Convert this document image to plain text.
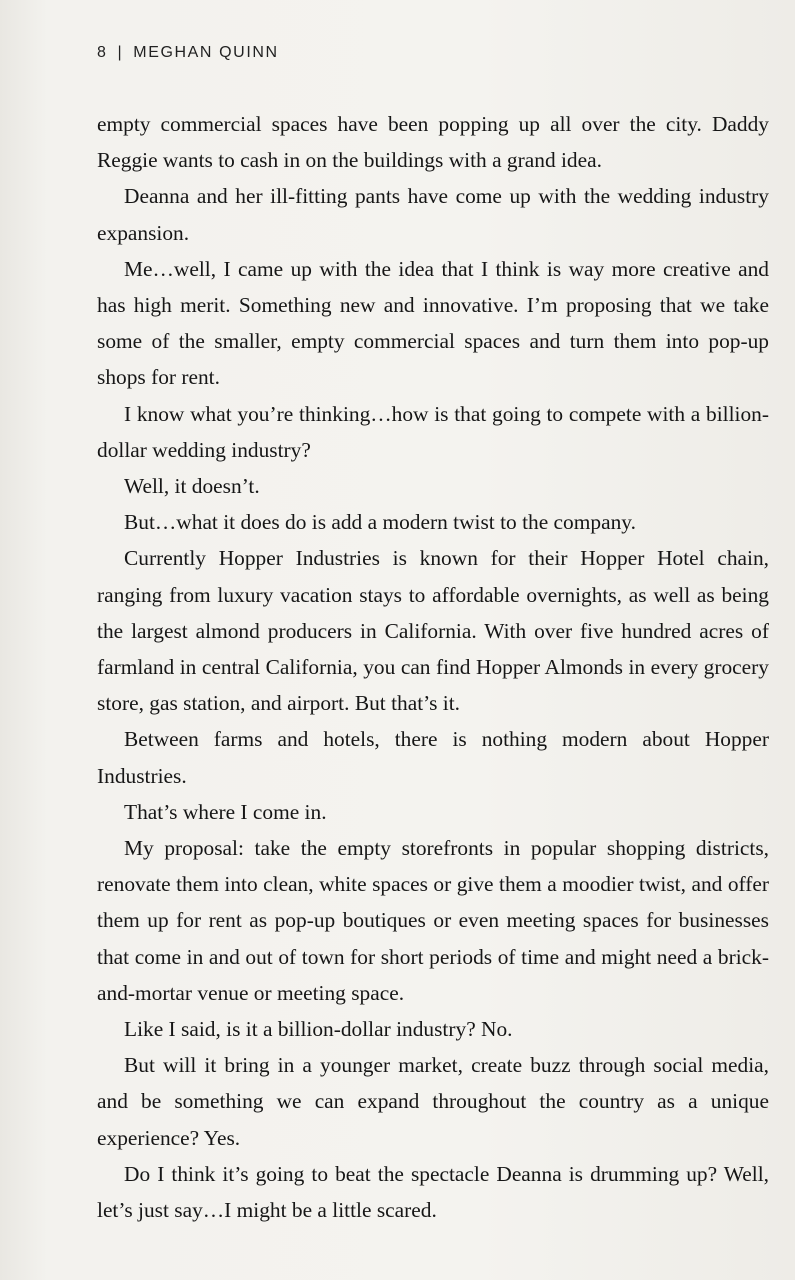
8 | MEGHAN QUINN

empty commercial spaces have been popping up all over the city. Daddy Reggie wants to cash in on the buildings with a grand idea.

Deanna and her ill-fitting pants have come up with the wedding industry expansion.

Me…well, I came up with the idea that I think is way more creative and has high merit. Something new and innovative. I’m proposing that we take some of the smaller, empty commercial spaces and turn them into pop-up shops for rent.

I know what you’re thinking…how is that going to compete with a billion-dollar wedding industry?

Well, it doesn’t.

But…what it does do is add a modern twist to the company.

Currently Hopper Industries is known for their Hopper Hotel chain, ranging from luxury vacation stays to affordable overnights, as well as being the largest almond producers in California. With over five hundred acres of farmland in central California, you can find Hopper Almonds in every grocery store, gas station, and airport. But that’s it.

Between farms and hotels, there is nothing modern about Hopper Industries.

That’s where I come in.

My proposal: take the empty storefronts in popular shopping districts, renovate them into clean, white spaces or give them a moodier twist, and offer them up for rent as pop-up boutiques or even meeting spaces for businesses that come in and out of town for short periods of time and might need a brick-and-mortar venue or meeting space.

Like I said, is it a billion-dollar industry? No.

But will it bring in a younger market, create buzz through social media, and be something we can expand throughout the country as a unique experience? Yes.

Do I think it’s going to beat the spectacle Deanna is drumming up? Well, let’s just say…I might be a little scared.
